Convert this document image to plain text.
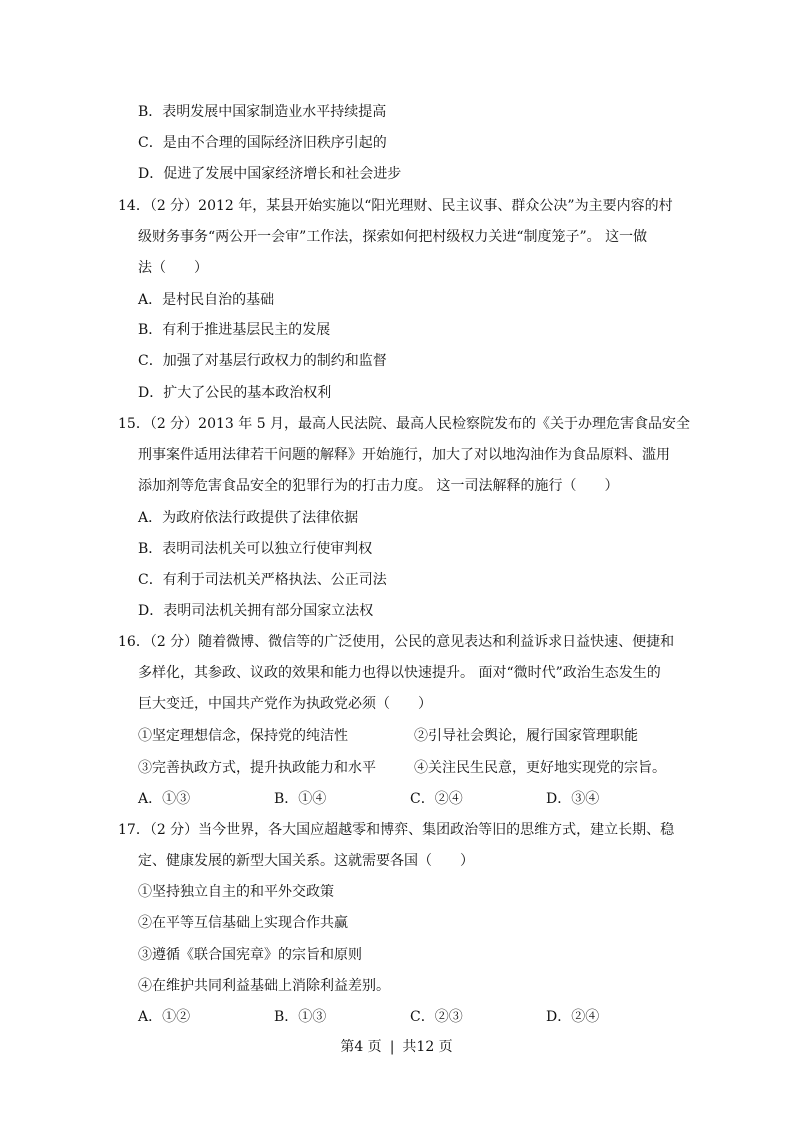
B．表明发展中国家制造业水平持续提高
C．是由不合理的国际经济旧秩序引起的
D．促进了发展中国家经济增长和社会进步
14．（2 分）2012 年，某县开始实施以“阳光理财、民主议事、群众公决”为主要内容的村
级财务事务“两公开一会审”工作法，探索如何把村级权力关进“制度笼子”。 这一做
法（　　）
A．是村民自治的基础
B．有利于推进基层民主的发展
C．加强了对基层行政权力的制约和监督
D．扩大了公民的基本政治权利
15．（2 分）2013 年 5 月，最高人民法院、最高人民检察院发布的《关于办理危害食品安全
刑事案件适用法律若干问题的解释》开始施行，加大了对以地沟油作为食品原料、滥用
添加剂等危害食品安全的犯罪行为的打击力度。 这一司法解释的施行（　　）
A．为政府依法行政提供了法律依据
B．表明司法机关可以独立行使审判权
C．有利于司法机关严格执法、公正司法
D．表明司法机关拥有部分国家立法权
16．（2 分）随着微博、微信等的广泛使用，公民的意见表达和利益诉求日益快速、便捷和
多样化，其参政、议政的效果和能力也得以快速提升。 面对“微时代”政治生态发生的
巨大变迁，中国共产党作为执政党必须（　　）
①坚定理想信念，保持党的纯洁性	②引导社会舆论，履行国家管理职能
③完善执政方式，提升执政能力和水平	④关注民生民意，更好地实现党的宗旨。
A．①③	B．①④	C．②④	D．③④
17．（2 分）当今世界，各大国应超越零和博弈、集团政治等旧的思维方式，建立长期、稳
定、健康发展的新型大国关系。这就需要各国（　　）
①坚持独立自主的和平外交政策
②在平等互信基础上实现合作共赢
③遵循《联合国宪章》的宗旨和原则
④在维护共同利益基础上消除利益差别。
A．①②	B．①③	C．②③	D．②④
第4 页 | 共12 页
